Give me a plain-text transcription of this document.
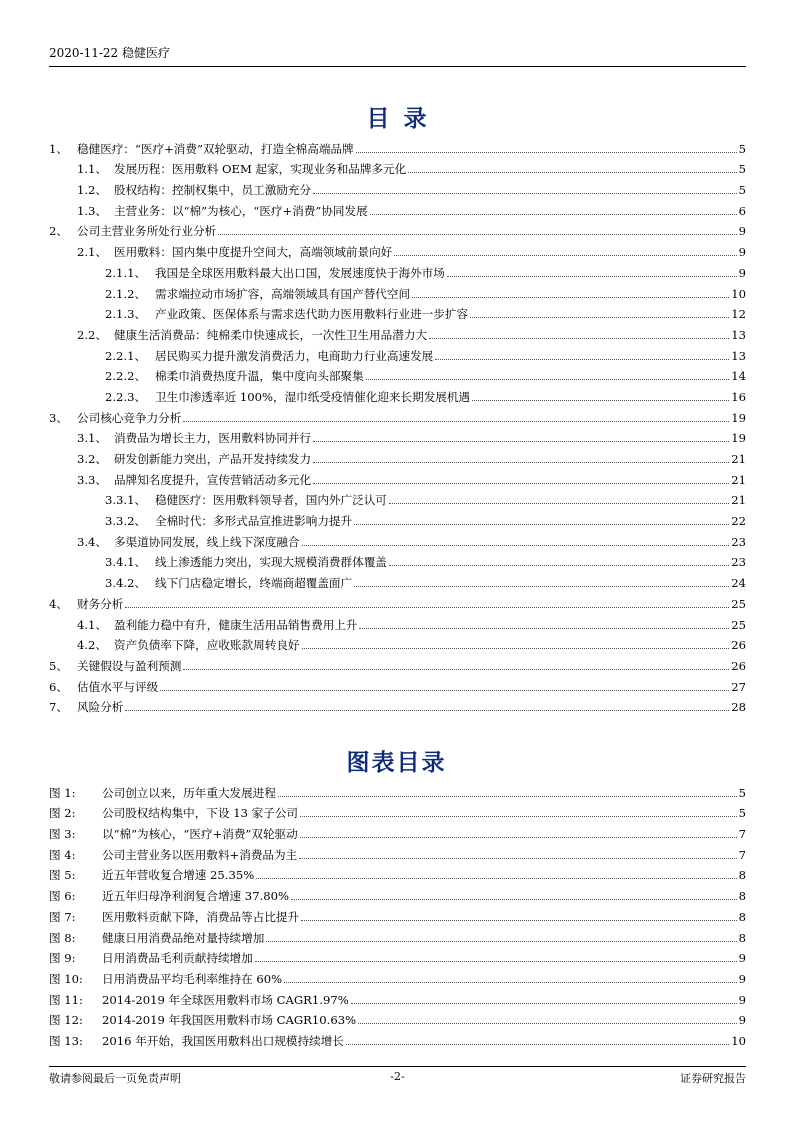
2020-11-22 稳健医疗
目录
1、 稳健医疗：“医疗+消费”双轮驱动，打造全棉高端品牌	5
1.1、 发展历程：医用敷料 OEM 起家，实现业务和品牌多元化	5
1.2、 股权结构：控制权集中，员工激励充分	5
1.3、 主营业务：以“棉”为核心，“医疗+消费”协同发展	6
2、 公司主营业务所处行业分析	9
2.1、 医用敷料：国内集中度提升空间大，高端领域前景向好	9
2.1.1、 我国是全球医用敷料最大出口国，发展速度快于海外市场	9
2.1.2、 需求端拉动市场扩容，高端领域具有国产替代空间	10
2.1.3、 产业政策、医保体系与需求迭代助力医用敷料行业进一步扩容	12
2.2、 健康生活消费品：纯棉柔巾快速成长，一次性卫生用品潜力大	13
2.2.1、 居民购买力提升激发消费活力，电商助力行业高速发展	13
2.2.2、 棉柔巾消费热度升温，集中度向头部聚集	14
2.2.3、 卫生巾渗透率近 100%，湿巾纸受疫情催化迎来长期发展机遇	16
3、 公司核心竞争力分析	19
3.1、 消费品为增长主力，医用敷料协同并行	19
3.2、 研发创新能力突出，产品开发持续发力	21
3.3、 品牌知名度提升，宣传营销活动多元化	21
3.3.1、 稳健医疗：医用敷料领导者，国内外广泛认可	21
3.3.2、 全棉时代：多形式品宣推进影响力提升	22
3.4、 多渠道协同发展，线上线下深度融合	23
3.4.1、 线上渗透能力突出，实现大规模消费群体覆盖	23
3.4.2、 线下门店稳定增长，终端商超覆盖面广	24
4、 财务分析	25
4.1、 盈利能力稳中有升，健康生活用品销售费用上升	25
4.2、 资产负债率下降，应收账款周转良好	26
5、 关键假设与盈利预测	26
6、 估值水平与评级	27
7、 风险分析	28
图表目录
图 1:	公司创立以来，历年重大发展进程	5
图 2:	公司股权结构集中，下设 13 家子公司	5
图 3:	以“棉”为核心，“医疗+消费”双轮驱动	7
图 4:	公司主营业务以医用敷料+消费品为主	7
图 5:	近五年营收复合增速 25.35%	8
图 6:	近五年归母净利润复合增速 37.80%	8
图 7:	医用敷料贡献下降，消费品等占比提升	8
图 8:	健康日用消费品绝对量持续增加	8
图 9:	日用消费品毛利贡献持续增加	9
图 10:	日用消费品平均毛利率维持在 60%	9
图 11:	2014-2019 年全球医用敷料市场 CAGR1.97%	9
图 12:	2014-2019 年我国医用敷料市场 CAGR10.63%	9
图 13:	2016 年开始，我国医用敷料出口规模持续增长	10
敬请参阅最后一页免责声明	-2-	证券研究报告
